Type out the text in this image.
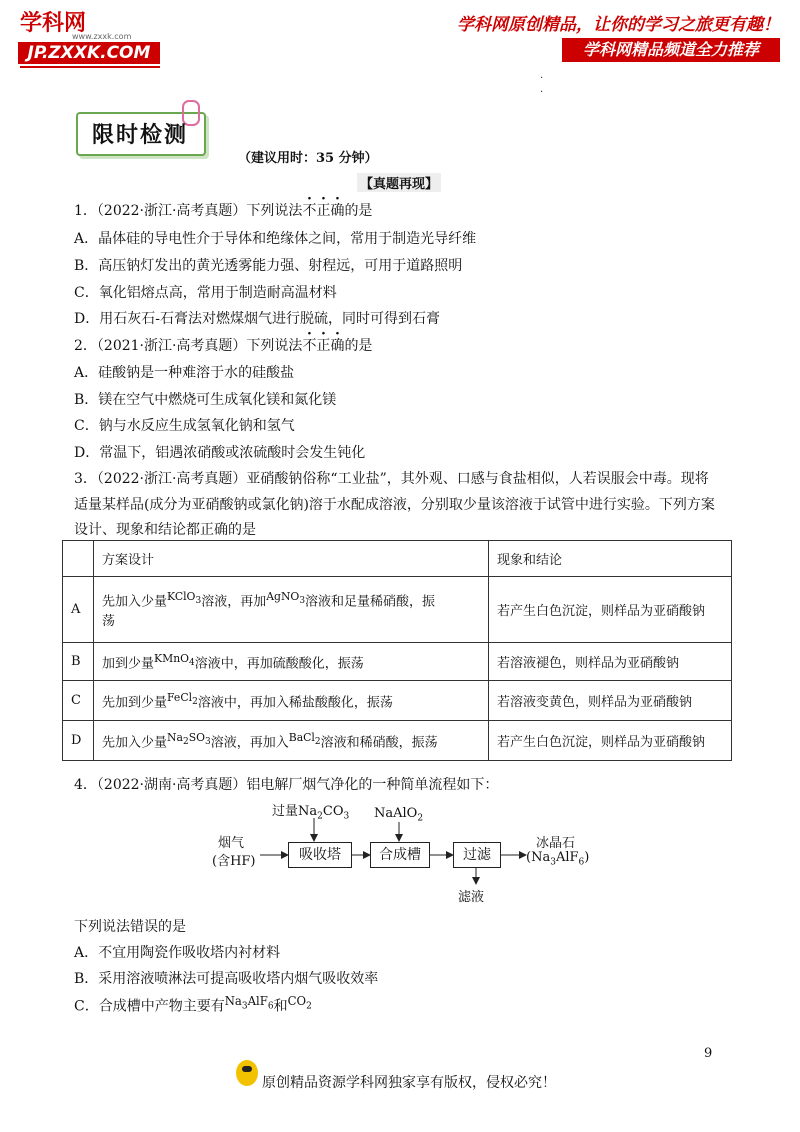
学科网
www.zxxk.com
JP.ZXXK.COM
学科网原创精品，让你的学习之旅更有趣！
学科网精品频道全力推荐
·
·
限时检测
（建议用时：35 分钟）
【真题再现】
1．（2022·浙江·高考真题）下列说法不正确的是
A．晶体硅的导电性介于导体和绝缘体之间，常用于制造光导纤维
B．高压钠灯发出的黄光透雾能力强、射程远，可用于道路照明
C．氧化铝熔点高，常用于制造耐高温材料
D．用石灰石-石膏法对燃煤烟气进行脱硫，同时可得到石膏
2．（2021·浙江·高考真题）下列说法不正确的是
A．硅酸钠是一种难溶于水的硅酸盐
B．镁在空气中燃烧可生成氧化镁和氮化镁
C．钠与水反应生成氢氧化钠和氢气
D．常温下，铝遇浓硝酸或浓硫酸时会发生钝化
3．（2022·浙江·高考真题）亚硝酸钠俗称“工业盐”，其外观、口感与食盐相似，人若误服会中毒。现将
适量某样品(成分为亚硝酸钠或氯化钠)溶于水配成溶液，分别取少量该溶液于试管中进行实验。下列方案
设计、现象和结论都正确的是
	方案设计	现象和结论
A	先加入少量$^{KClO_3}$溶液，再加$^{AgNO_3}$溶液和足量稀硝酸，振
荡	若产生白色沉淀，则样品为亚硝酸钠
B	加到少量$^{KMnO_4}$溶液中，再加硫酸酸化，振荡	若溶液褪色，则样品为亚硝酸钠
C	先加到少量$^{FeCl_2}$溶液中，再加入稀盐酸酸化，振荡	若溶液变黄色，则样品为亚硝酸钠
D	先加入少量$^{Na_2SO_3}$溶液，再加入$^{BaCl_2}$溶液和稀硝酸，振荡	若产生白色沉淀，则样品为亚硝酸钠
4．（2022·湖南·高考真题）铝电解厂烟气净化的一种简单流程如下：
烟气
(含HF)
过量$Na_2CO_3$ NaAlO$_2$
吸收塔	合成槽	过滤
滤液
冰晶石
$(Na_3AlF_6)$
下列说法错误的是
A．不宜用陶瓷作吸收塔内衬材料
B．采用溶液喷淋法可提高吸收塔内烟气吸收效率
C．合成槽中产物主要有$^{Na_3AlF_6}$和$^{CO_2}$
9
原创精品资源学科网独家享有版权，侵权必究！
